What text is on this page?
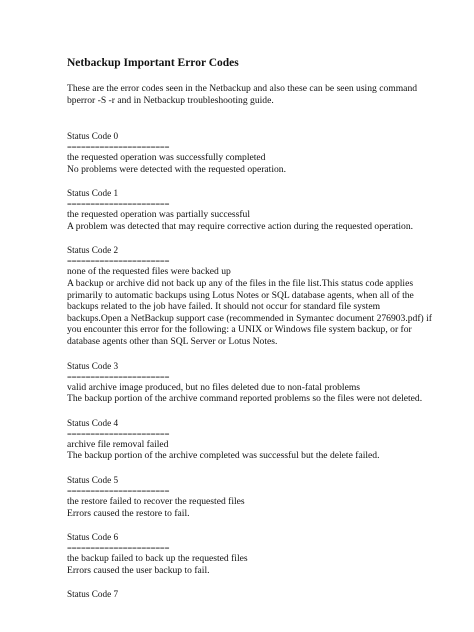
Netbackup Important Error Codes
These are the error codes seen in the Netbackup and also these can be seen using command bperror -S -r and in Netbackup troubleshooting guide.
Status Code 0
======================
the requested operation was successfully completed
No problems were detected with the requested operation.
Status Code 1
======================
the requested operation was partially successful
A problem was detected that may require corrective action during the requested operation.
Status Code 2
======================
none of the requested files were backed up
A backup or archive did not back up any of the files in the file list.This status code applies primarily to automatic backups using Lotus Notes or SQL database agents, when all of the backups related to the job have failed. It should not occur for standard file system backups.Open a NetBackup support case (recommended in Symantec document 276903.pdf) if you encounter this error for the following: a UNIX or Windows file system backup, or for database agents other than SQL Server or Lotus Notes.
Status Code 3
======================
valid archive image produced, but no files deleted due to non-fatal problems
The backup portion of the archive command reported problems so the files were not deleted.
Status Code 4
======================
archive file removal failed
The backup portion of the archive completed was successful but the delete failed.
Status Code 5
======================
the restore failed to recover the requested files
Errors caused the restore to fail.
Status Code 6
======================
the backup failed to back up the requested files
Errors caused the user backup to fail.
Status Code 7
